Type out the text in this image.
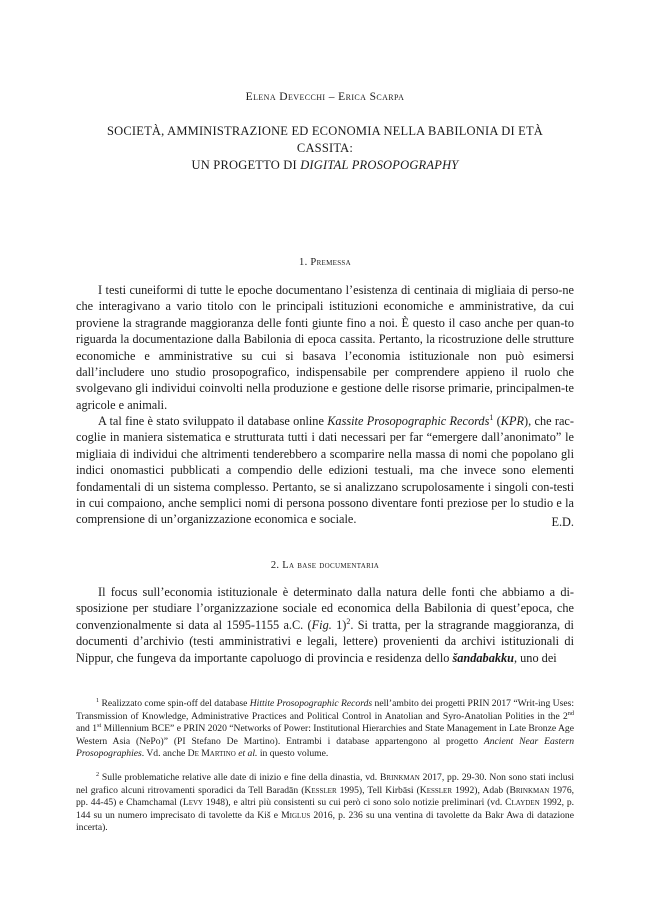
Elena Devecchi – Erica Scarpa
SOCIETÀ, AMMINISTRAZIONE ED ECONOMIA NELLA BABILONIA DI ETÀ CASSITA:
UN PROGETTO DI DIGITAL PROSOPOGRAPHY
1. Premessa

I testi cuneiformi di tutte le epoche documentano l’esistenza di centinaia di migliaia di perso-ne che interagivano a vario titolo con le principali istituzioni economiche e amministrative, da cui proviene la stragrande maggioranza delle fonti giunte fino a noi. È questo il caso anche per quan-to riguarda la documentazione dalla Babilonia di epoca cassita. Pertanto, la ricostruzione delle strutture economiche e amministrative su cui si basava l’economia istituzionale non può esimersi dall’includere uno studio prosopografico, indispensabile per comprendere appieno il ruolo che svolgevano gli individui coinvolti nella produzione e gestione delle risorse primarie, principalmen-te agricole e animali.

A tal fine è stato sviluppato il database online Kassite Prosopographic Records$^1$ (KPR), che rac-coglie in maniera sistematica e strutturata tutti i dati necessari per far “emergere dall’anonimato” le migliaia di individui che altrimenti tenderebbero a scomparire nella massa di nomi che popolano gli indici onomastici pubblicati a compendio delle edizioni testuali, ma che invece sono elementi fondamentali di un sistema complesso. Pertanto, se si analizzano scrupolosamente i singoli con-testi in cui compaiono, anche semplici nomi di persona possono diventare fonti preziose per lo studio e la comprensione di un’organizzazione economica e sociale.	E.D.
2. La base documentaria

Il focus sull’economia istituzionale è determinato dalla natura delle fonti che abbiamo a di-sposizione per studiare l’organizzazione sociale ed economica della Babilonia di quest’epoca, che convenzionalmente si data al 1595-1155 a.C. (Fig. 1)$^2$. Si tratta, per la stragrande maggioranza, di documenti d’archivio (testi amministrativi e legali, lettere) provenienti da archivi istituzionali di Nippur, che fungeva da importante capoluogo di provincia e residenza dello šandabakku, uno dei

$^1$ Realizzato come spin-off del database Hittite Prosopographic Records nell’ambito dei progetti PRIN 2017 “Writ-ing Uses: Transmission of Knowledge, Administrative Practices and Political Control in Anatolian and Syro-Anatolian Polities in the 2nd and 1st Millennium BCE” e PRIN 2020 “Networks of Power: Institutional Hierarchies and State Management in Late Bronze Age Western Asia (NePo)” (PI Stefano De Martino). Entrambi i database appartengono al progetto Ancient Near Eastern Prosopographies. Vd. anche De Martino et al. in questo volume.

$^2$ Sulle problematiche relative alle date di inizio e fine della dinastia, vd. Brinkman 2017, pp. 29-30. Non sono stati inclusi nel grafico alcuni ritrovamenti sporadici da Tell Baradān (Kessler 1995), Tell Kirbāsi (Kessler 1992), Adab (Brinkman 1976, pp. 44-45) e Chamchamal (Levy 1948), e altri più consistenti su cui però ci sono solo notizie preliminari (vd. Clayden 1992, p. 144 su un numero imprecisato di tavolette da Kiš e Miglus 2016, p. 236 su una ventina di tavolette da Bakr Awa di datazione incerta).
